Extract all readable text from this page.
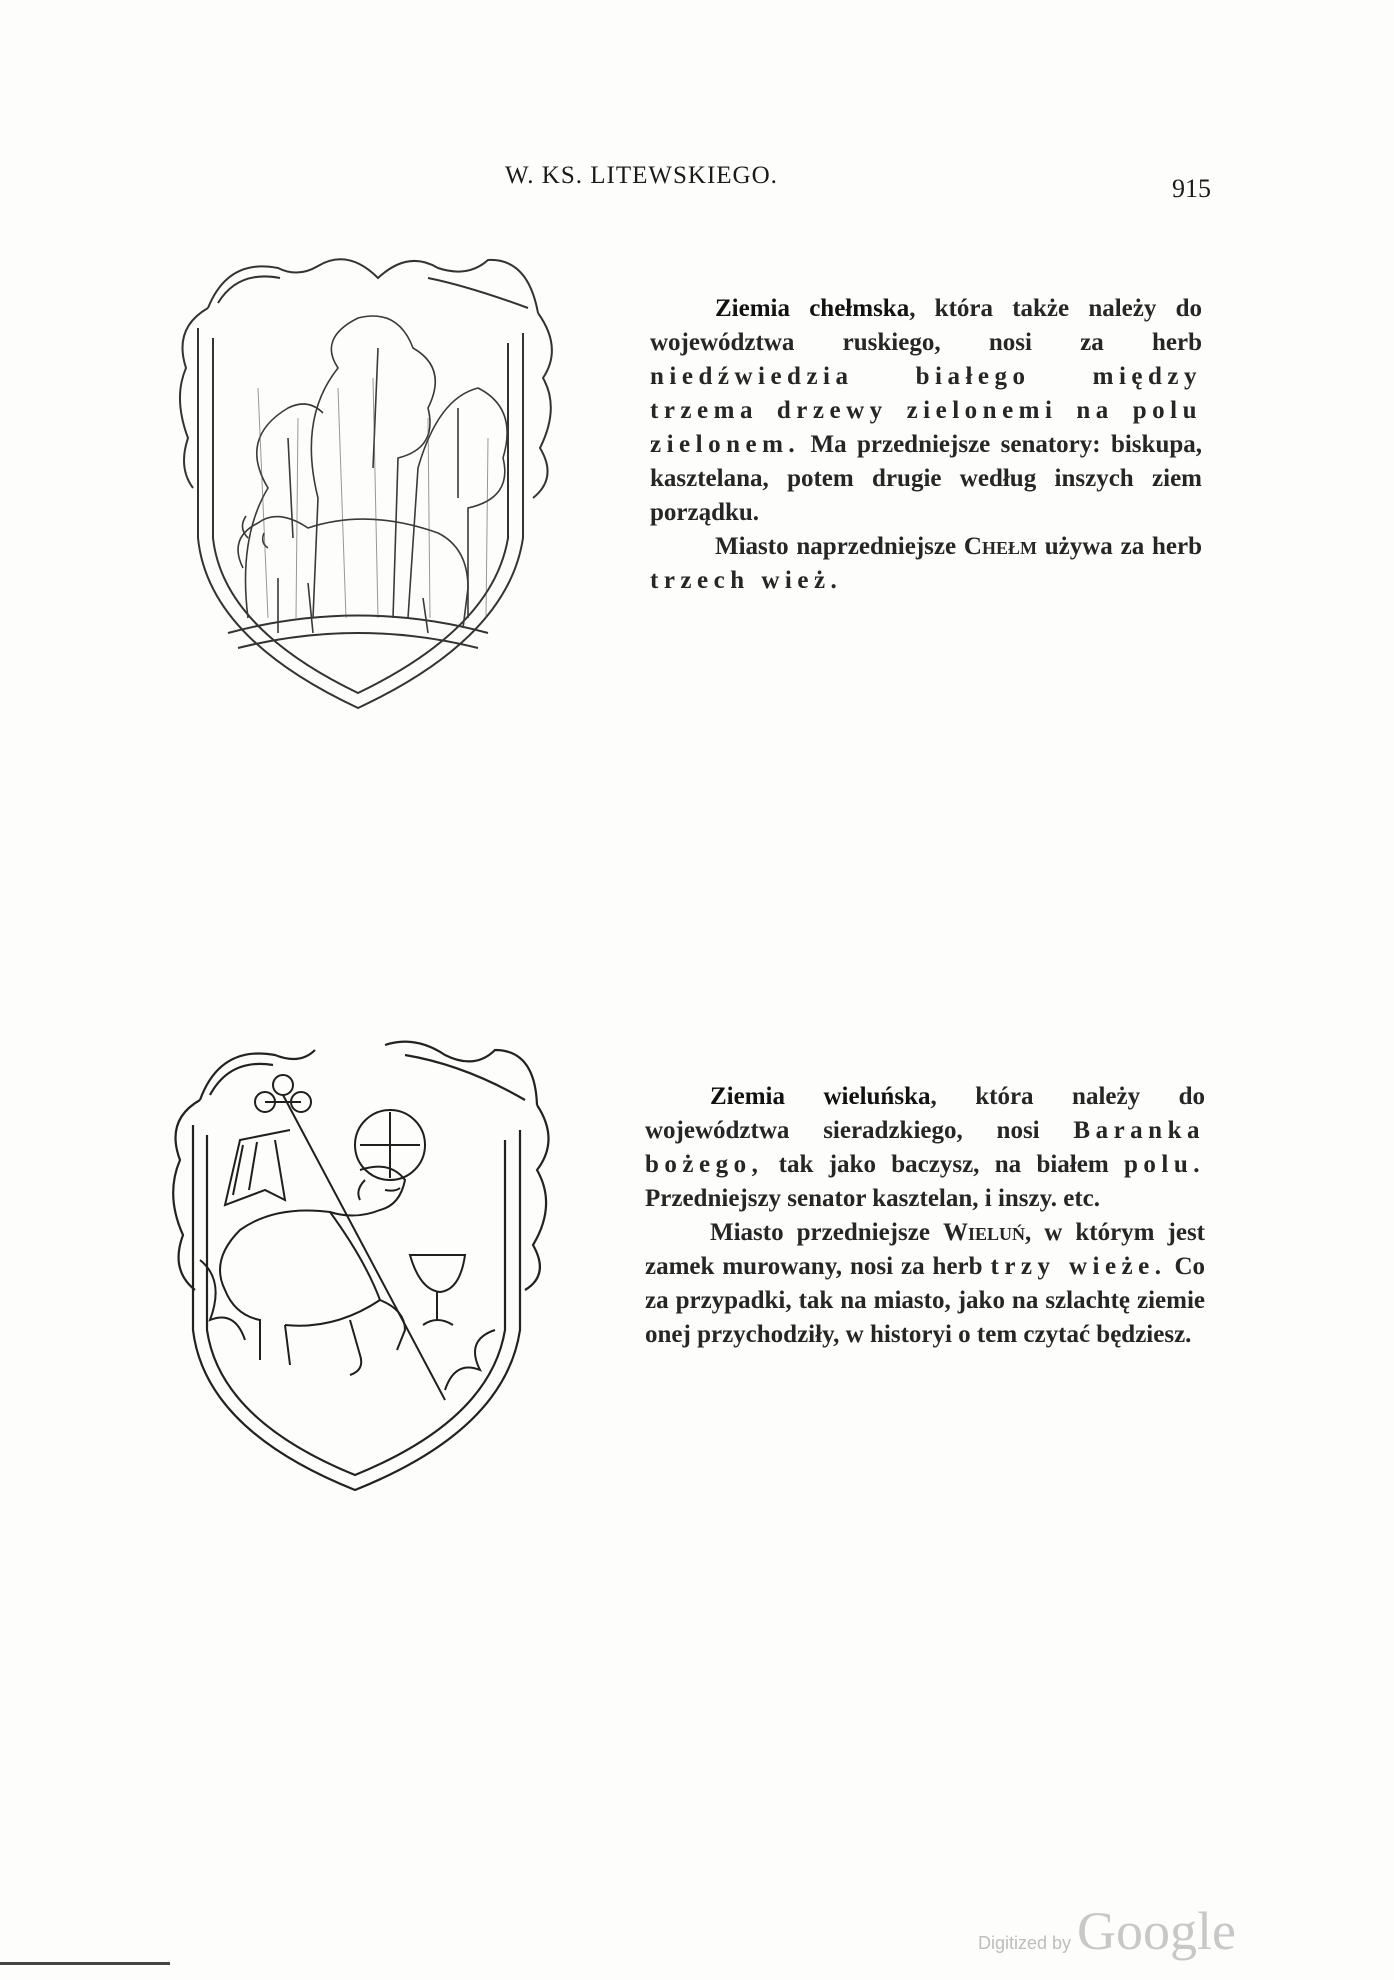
W. KS. LITEWSKIEGO.	915

Ziemia chełmska, która także należy do województwa ruskiego, nosi za herb niedźwiedzia białego między trzema drzewy zielonemi na polu zielonem. Ma przedniejsze senatory: biskupa, kasztelana, potem drugie według inszych ziem porządku.

Miasto naprzedniejsze Chełm używa za herb trzech wież.

Ziemia wieluńska, która należy do województwa sieradzkiego, nosi Baranka bożego, tak jako baczysz, na białem polu. Przedniejszy senator kasztelan, i inszy. etc.

Miasto przedniejsze Wieluń, w którym jest zamek murowany, nosi za herb trzy wieże. Co za przypadki, tak na miasto, jako na szlachtę ziemie onej przychodziły, w historyi o tem czytać będziesz.

Digitized by Google
